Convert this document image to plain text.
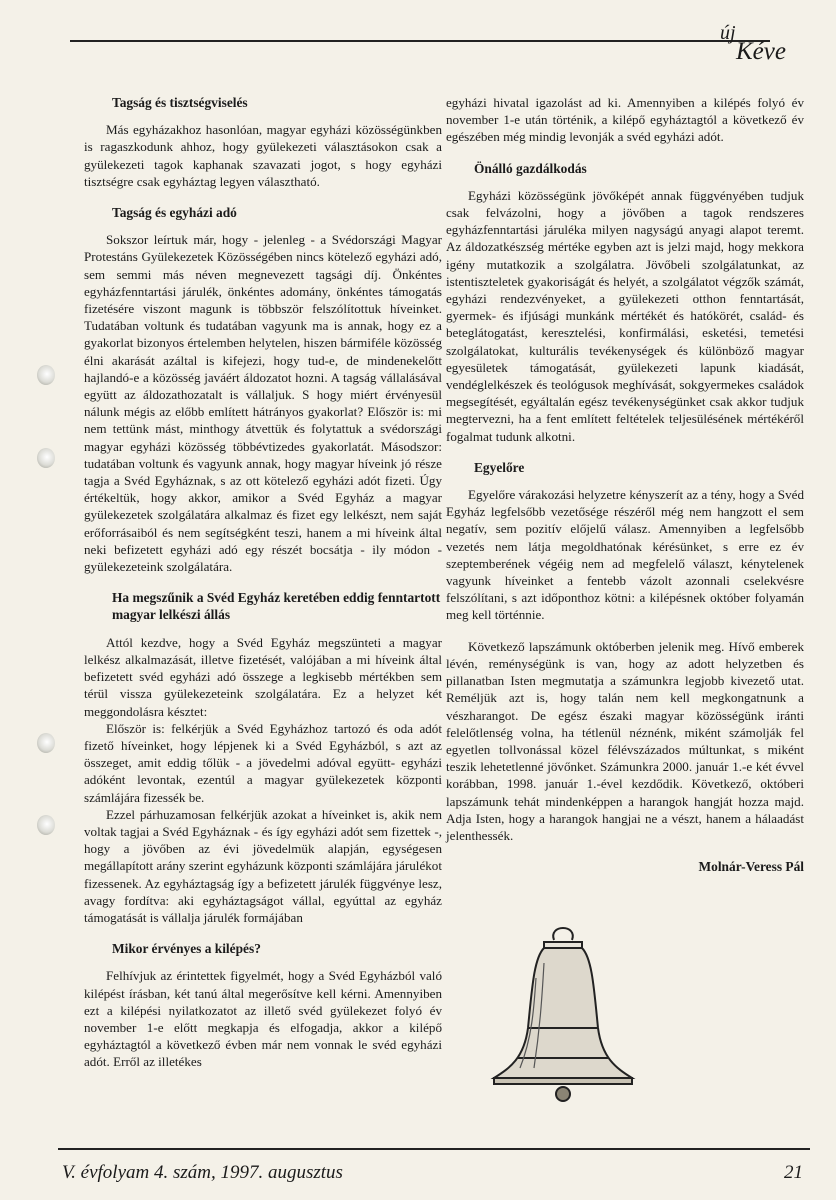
új
Kéve
Tagság és tisztségviselés

Más egyházakhoz hasonlóan, magyar egyházi közösségünkben is ragaszkodunk ahhoz, hogy gyülekezeti választásokon csak a gyülekezeti tagok kaphanak szavazati jogot, s hogy egyházi tisztségre csak egyháztag legyen választható.

Tagság és egyházi adó

Sokszor leírtuk már, hogy - jelenleg - a Svédországi Magyar Protestáns Gyülekezetek Közösségében nincs kötelező egyházi adó, sem semmi más néven megnevezett tagsági díj. Önkéntes egyházfenntartási járulék, önkéntes adomány, önkéntes támogatás fizetésére viszont magunk is többször felszólítottuk híveinket. Tudatában voltunk és tudatában vagyunk ma is annak, hogy ez a gyakorlat bizonyos értelemben helytelen, hiszen bármiféle közösség élni akarását azáltal is kifejezi, hogy tud-e, de mindenekelőtt hajlandó-e a közösség javáért áldozatot hozni. A tagság vállalásával együtt az áldozathozatalt is vállaljuk. S hogy miért érvényesül nálunk mégis az előbb említett hátrányos gyakorlat? Először is: mi nem tettünk mást, minthogy átvettük és folytattuk a svédországi magyar egyházi közösség többévtizedes gyakorlatát. Másodszor: tudatában voltunk és vagyunk annak, hogy magyar híveink jó része tagja a Svéd Egyháznak, s az ott kötelező egyházi adót fizeti. Úgy értékeltük, hogy akkor, amikor a Svéd Egyház a magyar gyülekezetek szolgálatára alkalmaz és fizet egy lelkészt, nem saját erőforrásaiból és nem segítségként teszi, hanem a mi híveink által neki befizetett egyházi adó egy részét bocsátja - ily módon - gyülekezeteink szolgálatára.

Ha megszűnik a Svéd Egyház keretében eddig fenntartott magyar lelkészi állás

Attól kezdve, hogy a Svéd Egyház megszünteti a magyar lelkész alkalmazását, illetve fizetését, valójában a mi híveink által befizetett svéd egyházi adó összege a legkisebb mértékben sem térül vissza gyülekezeteink szolgálatára. Ez a helyzet két meggondolásra késztet:

Először is: felkérjük a Svéd Egyházhoz tartozó és oda adót fizető híveinket, hogy lépjenek ki a Svéd Egyházból, s azt az összeget, amit eddig tőlük - a jövedelmi adóval együtt- egyházi adóként levontak, ezentúl a magyar gyülekezetek központi számlájára fizessék be.

Ezzel párhuzamosan felkérjük azokat a híveinket is, akik nem voltak tagjai a Svéd Egyháznak - és így egyházi adót sem fizettek -, hogy a jövőben az évi jövedelmük alapján, egységesen megállapított arány szerint egyházunk központi számlájára járulékot fizessenek. Az egyháztagság így a befizetett járulék függvénye lesz, avagy fordítva: aki egyháztagságot vállal, egyúttal az egyház támogatását is vállalja járulék formájában

Mikor érvényes a kilépés?

Felhívjuk az érintettek figyelmét, hogy a Svéd Egyházból való kilépést írásban, két tanú által megerősítve kell kérni. Amennyiben ezt a kilépési nyilatkozatot az illető svéd gyülekezet folyó év november 1-e előtt megkapja és elfogadja, akkor a kilépő egyháztagtól a következő évben már nem vonnak le svéd egyházi adót. Erről az illetékes

egyházi hivatal igazolást ad ki. Amennyiben a kilépés folyó év november 1-e után történik, a kilépő egyháztagtól a következő év egészében még mindig levonják a svéd egyházi adót.

Önálló gazdálkodás

Egyházi közösségünk jövőképét annak függvényében tudjuk csak felvázolni, hogy a jövőben a tagok rendszeres egyházfenntartási járuléka milyen nagyságú anyagi alapot teremt. Az áldozatkészség mértéke egyben azt is jelzi majd, hogy mekkora igény mutatkozik a szolgálatra. Jövőbeli szolgálatunkat, az istentiszteletek gyakoriságát és helyét, a szolgálatot végzők számát, egyházi rendezvényeket, a gyülekezeti otthon fenntartását, gyermek- és ifjúsági munkánk mértékét és hatókörét, család- és beteglátogatást, keresztelési, konfirmálási, esketési, temetési szolgálatokat, kulturális tevékenységek és különböző magyar egyesületek támogatását, gyülekezeti lapunk kiadását, vendéglelkészek és teológusok meghívását, sokgyermekes családok megsegítését, egyáltalán egész tevékenységünket csak akkor tudjuk megtervezni, ha a fent említett feltételek teljesülésének mértékéről fogalmat tudunk alkotni.

Egyelőre

Egyelőre várakozási helyzetre kényszerít az a tény, hogy a Svéd Egyház legfelsőbb vezetősége részéről még nem hangzott el sem negatív, sem pozitív előjelű válasz. Amennyiben a legfelsőbb vezetés nem látja megoldhatónak kérésünket, s erre ez év szeptemberének végéig nem ad megfelelő választ, kénytelenek vagyunk híveinket a fentebb vázolt azonnali cselekvésre felszólítani, s azt időponthoz kötni: a kilépésnek október folyamán meg kell történnie.

Következő lapszámunk októberben jelenik meg. Hívő emberek lévén, reménységünk is van, hogy az adott helyzetben és pillanatban Isten megmutatja a számunkra legjobb kivezető utat. Reméljük azt is, hogy talán nem kell megkongatnunk a vészharangot. De egész északi magyar közösségünk iránti felelőtlenség volna, ha tétlenül néznénk, miként számolják fel egyetlen tollvonással közel félévszázados múltunkat, s miként teszik lehetetlenné jövőnket. Számunkra 2000. január 1.-e két évvel korábban, 1998. január 1.-ével kezdődik. Következő, októberi lapszámunk tehát mindenképpen a harangok hangját hozza majd. Adja Isten, hogy a harangok hangjai ne a vészt, hanem a hálaadást jelenthessék.

Molnár-Veress Pál
V. évfolyam 4. szám, 1997. augusztus	21
